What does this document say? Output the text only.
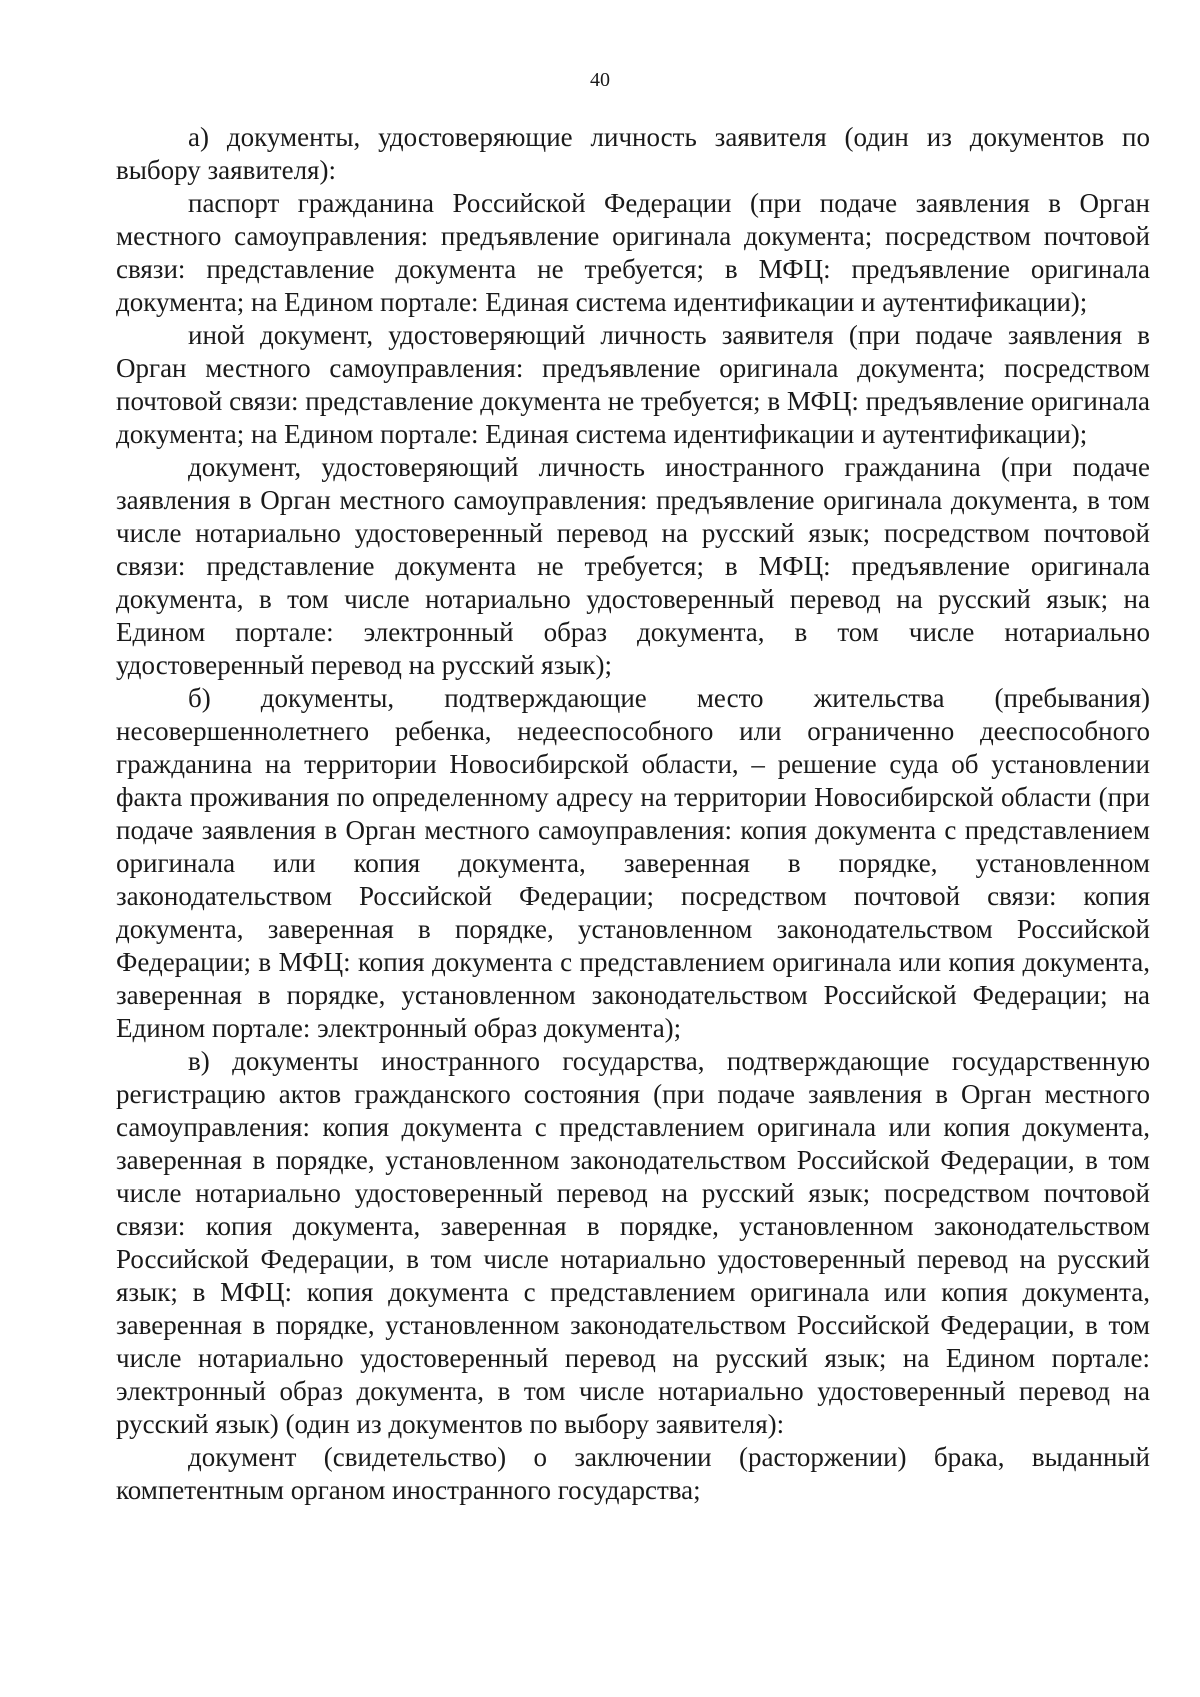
40

а) документы, удостоверяющие личность заявителя (один из документов по выбору заявителя):

паспорт гражданина Российской Федерации (при подаче заявления в Орган местного самоуправления: предъявление оригинала документа; посредством почтовой связи: представление документа не требуется; в МФЦ: предъявление оригинала документа; на Едином портале: Единая система идентификации и аутентификации);

иной документ, удостоверяющий личность заявителя (при подаче заявления в Орган местного самоуправления: предъявление оригинала документа; посредством почтовой связи: представление документа не требуется; в МФЦ: предъявление оригинала документа; на Едином портале: Единая система идентификации и аутентификации);

документ, удостоверяющий личность иностранного гражданина (при подаче заявления в Орган местного самоуправления: предъявление оригинала документа, в том числе нотариально удостоверенный перевод на русский язык; посредством почтовой связи: представление документа не требуется; в МФЦ: предъявление оригинала документа, в том числе нотариально удостоверенный перевод на русский язык; на Едином портале: электронный образ документа, в том числе нотариально удостоверенный перевод на русский язык);

б) документы, подтверждающие место жительства (пребывания) несовершеннолетнего ребенка, недееспособного или ограниченно дееспособного гражданина на территории Новосибирской области, – решение суда об установлении факта проживания по определенному адресу на территории Новосибирской области (при подаче заявления в Орган местного самоуправления: копия документа с представлением оригинала или копия документа, заверенная в порядке, установленном законодательством Российской Федерации; посредством почтовой связи: копия документа, заверенная в порядке, установленном законодательством Российской Федерации; в МФЦ: копия документа с представлением оригинала или копия документа, заверенная в порядке, установленном законодательством Российской Федерации; на Едином портале: электронный образ документа);

в) документы иностранного государства, подтверждающие государственную регистрацию актов гражданского состояния (при подаче заявления в Орган местного самоуправления: копия документа с представлением оригинала или копия документа, заверенная в порядке, установленном законодательством Российской Федерации, в том числе нотариально удостоверенный перевод на русский язык; посредством почтовой связи: копия документа, заверенная в порядке, установленном законодательством Российской Федерации, в том числе нотариально удостоверенный перевод на русский язык; в МФЦ: копия документа с представлением оригинала или копия документа, заверенная в порядке, установленном законодательством Российской Федерации, в том числе нотариально удостоверенный перевод на русский язык; на Едином портале: электронный образ документа, в том числе нотариально удостоверенный перевод на русский язык) (один из документов по выбору заявителя):

документ (свидетельство) о заключении (расторжении) брака, выданный компетентным органом иностранного государства;
